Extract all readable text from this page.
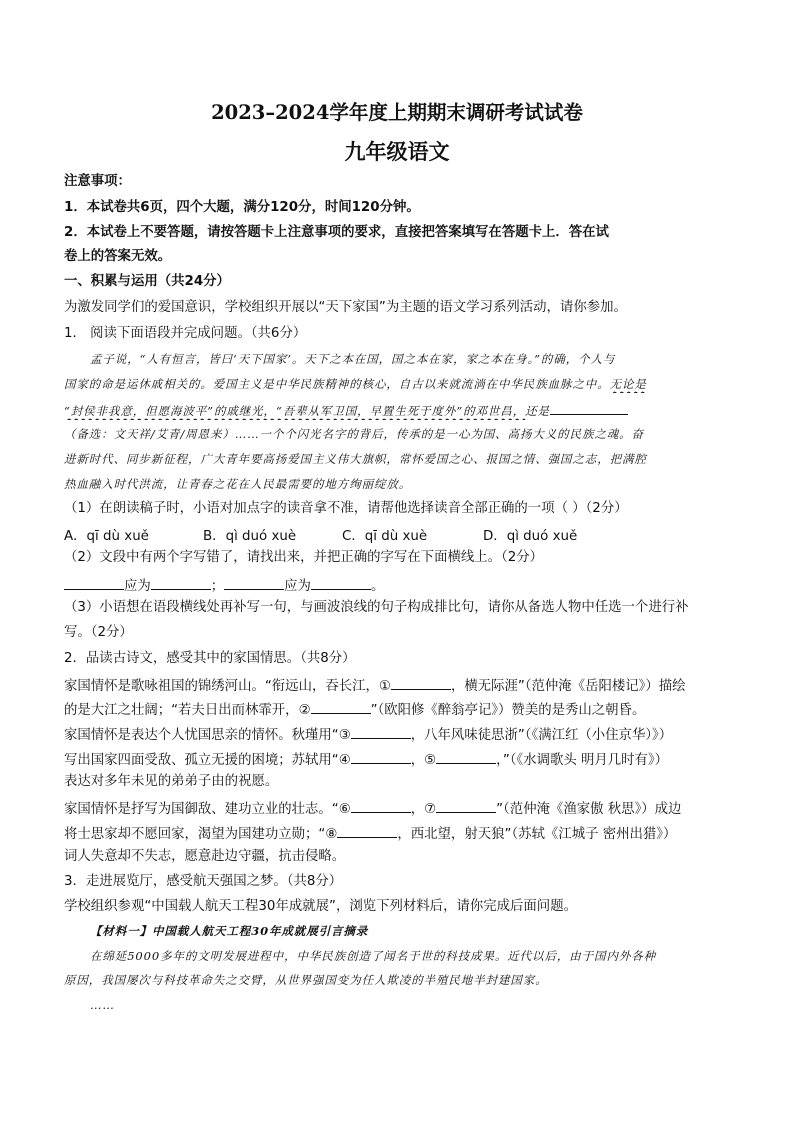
2023–2024学年度上期期末调研考试试卷
九年级语文
注意事项：
1．本试卷共6页，四个大题，满分120分，时间120分钟。
2．本试卷上不要答题，请按答题卡上注意事项的要求，直接把答案填写在答题卡上．答在试
卷上的答案无效。
一、积累与运用（共24分）
为激发同学们的爱国意识，学校组织开展以“天下家国”为主题的语文学习系列活动，请你参加。
1． 阅读下面语段并完成问题。（共6分）
孟子说，“人有恒言，皆曰‘天下国家’。天下之本在国，国之本在家，家之本在身。”的确，个人与
国家的命是运休戚相关的。爱国主义是中华民族精神的核心，自古以来就流淌在中华民族血脉之中。无论是
“封侯非我意，但愿海波平”的戚继光，“吾辈从军卫国，早置生死于度外”的邓世昌，还是
（备选：文天祥/艾青/周恩来）……一个个闪光名字的背后，传承的是一心为国、高扬大义的民族之魂。奋
进新时代、同步新征程，广大青年要高扬爱国主义伟大旗帜，常怀爱国之心、报国之情、强国之志，把满腔
热血融入时代洪流，让青春之花在人民最需要的地方绚丽绽放。
（1）在朗读稿子时，小语对加点字的读音拿不准，请帮他选择读音全部正确的一项（ ）（2分）
A．qī dù xuě	B．qì duó xuè	C．qī dù xuè	D．qì duó xuě
（2）文段中有两个字写错了，请找出来，并把正确的字写在下面横线上。（2分）
应为	；	应为	。
（3）小语想在语段横线处再补写一句，与画波浪线的句子构成排比句，请你从备选人物中任选一个进行补
写。（2分）
2．品读古诗文，感受其中的家国情思。（共8分）
家国情怀是歌咏祖国的锦绣河山。“衔远山，吞长江，①	，横无际涯”（范仲淹《岳阳楼记》）描绘
的是大江之壮阔；“若夫日出而林霏开，②	”（欧阳修《醉翁亭记》）赞美的是秀山之朝昏。
家国情怀是表达个人忧国思亲的情怀。秋瑾用“③	，八年风味徒思浙”（《满江红（小住京华）》）
写出国家四面受敌、孤立无援的困境；苏轼用“④	，⑤	，”（《水调歌头 明月几时有》）
表达对多年未见的弟弟子由的祝愿。
家国情怀是抒写为国御敌、建功立业的壮志。“⑥	，⑦	”（范仲淹《渔家傲 秋思》）成边
将士思家却不愿回家，渴望为国建功立勋；“⑧	，西北望，射天狼”（苏轼《江城子 密州出猎》）
词人失意却不失志，愿意赴边守疆，抗击侵略。
3．走进展览厅，感受航天强国之梦。（共8分）
学校组织参观“中国载人航天工程30年成就展”，浏览下列材料后，请你完成后面问题。
【材料一】中国载人航天工程30年成就展引言摘录
在绵延5000多年的文明发展进程中，中华民族创造了闻名于世的科技成果。近代以后，由于国内外各种
原因，我国屡次与科技革命失之交臂，从世界强国变为任人欺凌的半殖民地半封建国家。
……
